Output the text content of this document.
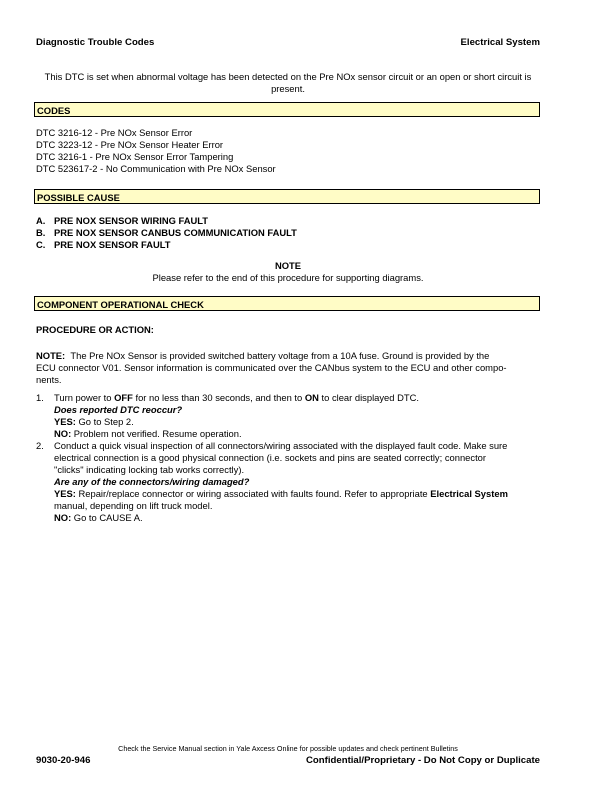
Diagnostic Trouble Codes	Electrical System
This DTC is set when abnormal voltage has been detected on the Pre NOx sensor circuit or an open or short circuit is present.
CODES
DTC 3216-12 - Pre NOx Sensor Error
DTC 3223-12 - Pre NOx Sensor Heater Error
DTC 3216-1 - Pre NOx Sensor Error Tampering
DTC 523617-2 - No Communication with Pre NOx Sensor
POSSIBLE CAUSE
A. PRE NOX SENSOR WIRING FAULT
B. PRE NOX SENSOR CANBUS COMMUNICATION FAULT
C. PRE NOX SENSOR FAULT
NOTE
Please refer to the end of this procedure for supporting diagrams.
COMPONENT OPERATIONAL CHECK
PROCEDURE OR ACTION:
NOTE: The Pre NOx Sensor is provided switched battery voltage from a 10A fuse. Ground is provided by the
ECU connector V01. Sensor information is communicated over the CANbus system to the ECU and other compo-
nents.
1. Turn power to OFF for no less than 30 seconds, and then to ON to clear displayed DTC.
Does reported DTC reoccur?
YES: Go to Step 2.
NO: Problem not verified. Resume operation.
2. Conduct a quick visual inspection of all connectors/wiring associated with the displayed fault code. Make sure
electrical connection is a good physical connection (i.e. sockets and pins are seated correctly; connector
"clicks" indicating locking tab works correctly).
Are any of the connectors/wiring damaged?
YES: Repair/replace connector or wiring associated with faults found. Refer to appropriate Electrical System
manual, depending on lift truck model.
NO: Go to CAUSE A.
Check the Service Manual section in Yale Axcess Online for possible updates and check pertinent Bulletins
9030-20-946	Confidential/Proprietary - Do Not Copy or Duplicate
